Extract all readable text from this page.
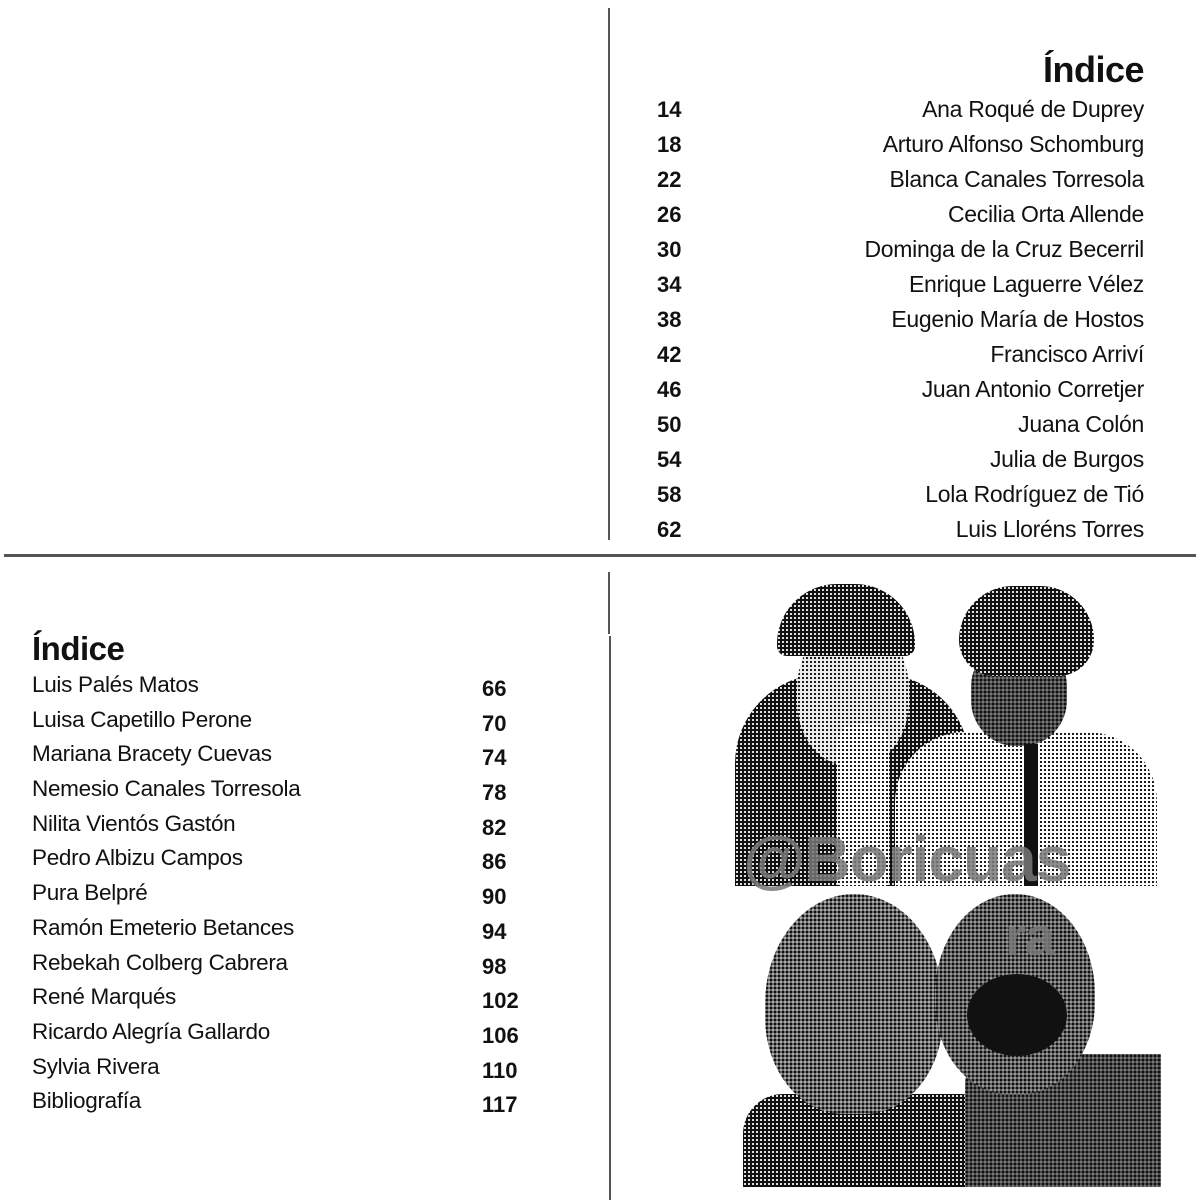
Índice
14	Ana Roqué de Duprey
18	Arturo Alfonso Schomburg
22	Blanca Canales Torresola
26	Cecilia Orta Allende
30	Dominga de la Cruz Becerril
34	Enrique Laguerre Vélez
38	Eugenio María de Hostos
42	Francisco Arriví
46	Juan Antonio Corretjer
50	Juana Colón
54	Julia de Burgos
58	Lola Rodríguez de Tió
62	Luis Lloréns Torres
Índice
Luis Palés Matos	66
Luisa Capetillo Perone	70
Mariana Bracety Cuevas	74
Nemesio Canales Torresola	78
Nilita Vientós Gastón	82
Pedro Albizu Campos	86
Pura Belpré	90
Ramón Emeterio Betances	94
Rebekah Colberg Cabrera	98
René Marqués	102
Ricardo Alegría Gallardo	106
Sylvia Rivera	110
Bibliografía	117
@Boricuas
ra
